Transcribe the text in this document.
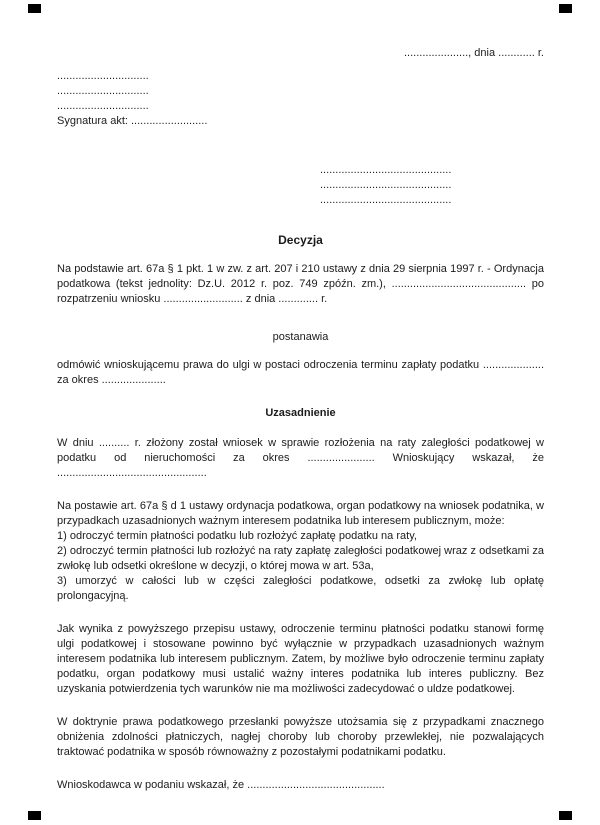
....................., dnia ............ r.
..............................
..............................
..............................
Sygnatura akt: .........................
...........................................
...........................................
...........................................
Decyzja
Na podstawie art. 67a § 1 pkt. 1 w zw. z art. 207 i 210 ustawy z dnia 29 sierpnia 1997 r. - Ordynacja podatkowa (tekst jednolity: Dz.U. 2012 r. poz. 749 zpóźn. zm.), ............................................ po rozpatrzeniu wniosku .......................... z dnia ............. r.
postanawia
odmówić wnioskującemu prawa do ulgi w postaci odroczenia terminu zapłaty podatku .................... za okres .....................
Uzasadnienie
W dniu .......... r. złożony został wniosek w sprawie rozłożenia na raty zaległości podatkowej w podatku od nieruchomości za okres ...................... Wnioskujący wskazał, że .................................................
Na postawie art. 67a § d 1 ustawy ordynacja podatkowa, organ podatkowy na wniosek podatnika, w przypadkach uzasadnionych ważnym interesem podatnika lub interesem publicznym, może:
1) odroczyć termin płatności podatku lub rozłożyć zapłatę podatku na raty,
2) odroczyć termin płatności lub rozłożyć na raty zapłatę zaległości podatkowej wraz z odsetkami za zwłokę lub odsetki określone w decyzji, o której mowa w art. 53a,
3) umorzyć w całości lub w części zaległości podatkowe, odsetki za zwłokę lub opłatę prolongacyjną.
Jak wynika z powyższego przepisu ustawy, odroczenie terminu płatności podatku stanowi formę ulgi podatkowej i stosowane powinno być wyłącznie w przypadkach uzasadnionych ważnym interesem podatnika lub interesem publicznym. Zatem, by możliwe było odroczenie terminu zapłaty podatku, organ podatkowy musi ustalić ważny interes podatnika lub interes publiczny. Bez uzyskania potwierdzenia tych warunków nie ma możliwości zadecydować o uldze podatkowej.
W doktrynie prawa podatkowego przesłanki powyższe utożsamia się z przypadkami znacznego obniżenia zdolności płatniczych, nagłej choroby lub choroby przewlekłej, nie pozwalających traktować podatnika w sposób równoważny z pozostałymi podatnikami podatku.
Wnioskodawca w podaniu wskazał, że .............................................
